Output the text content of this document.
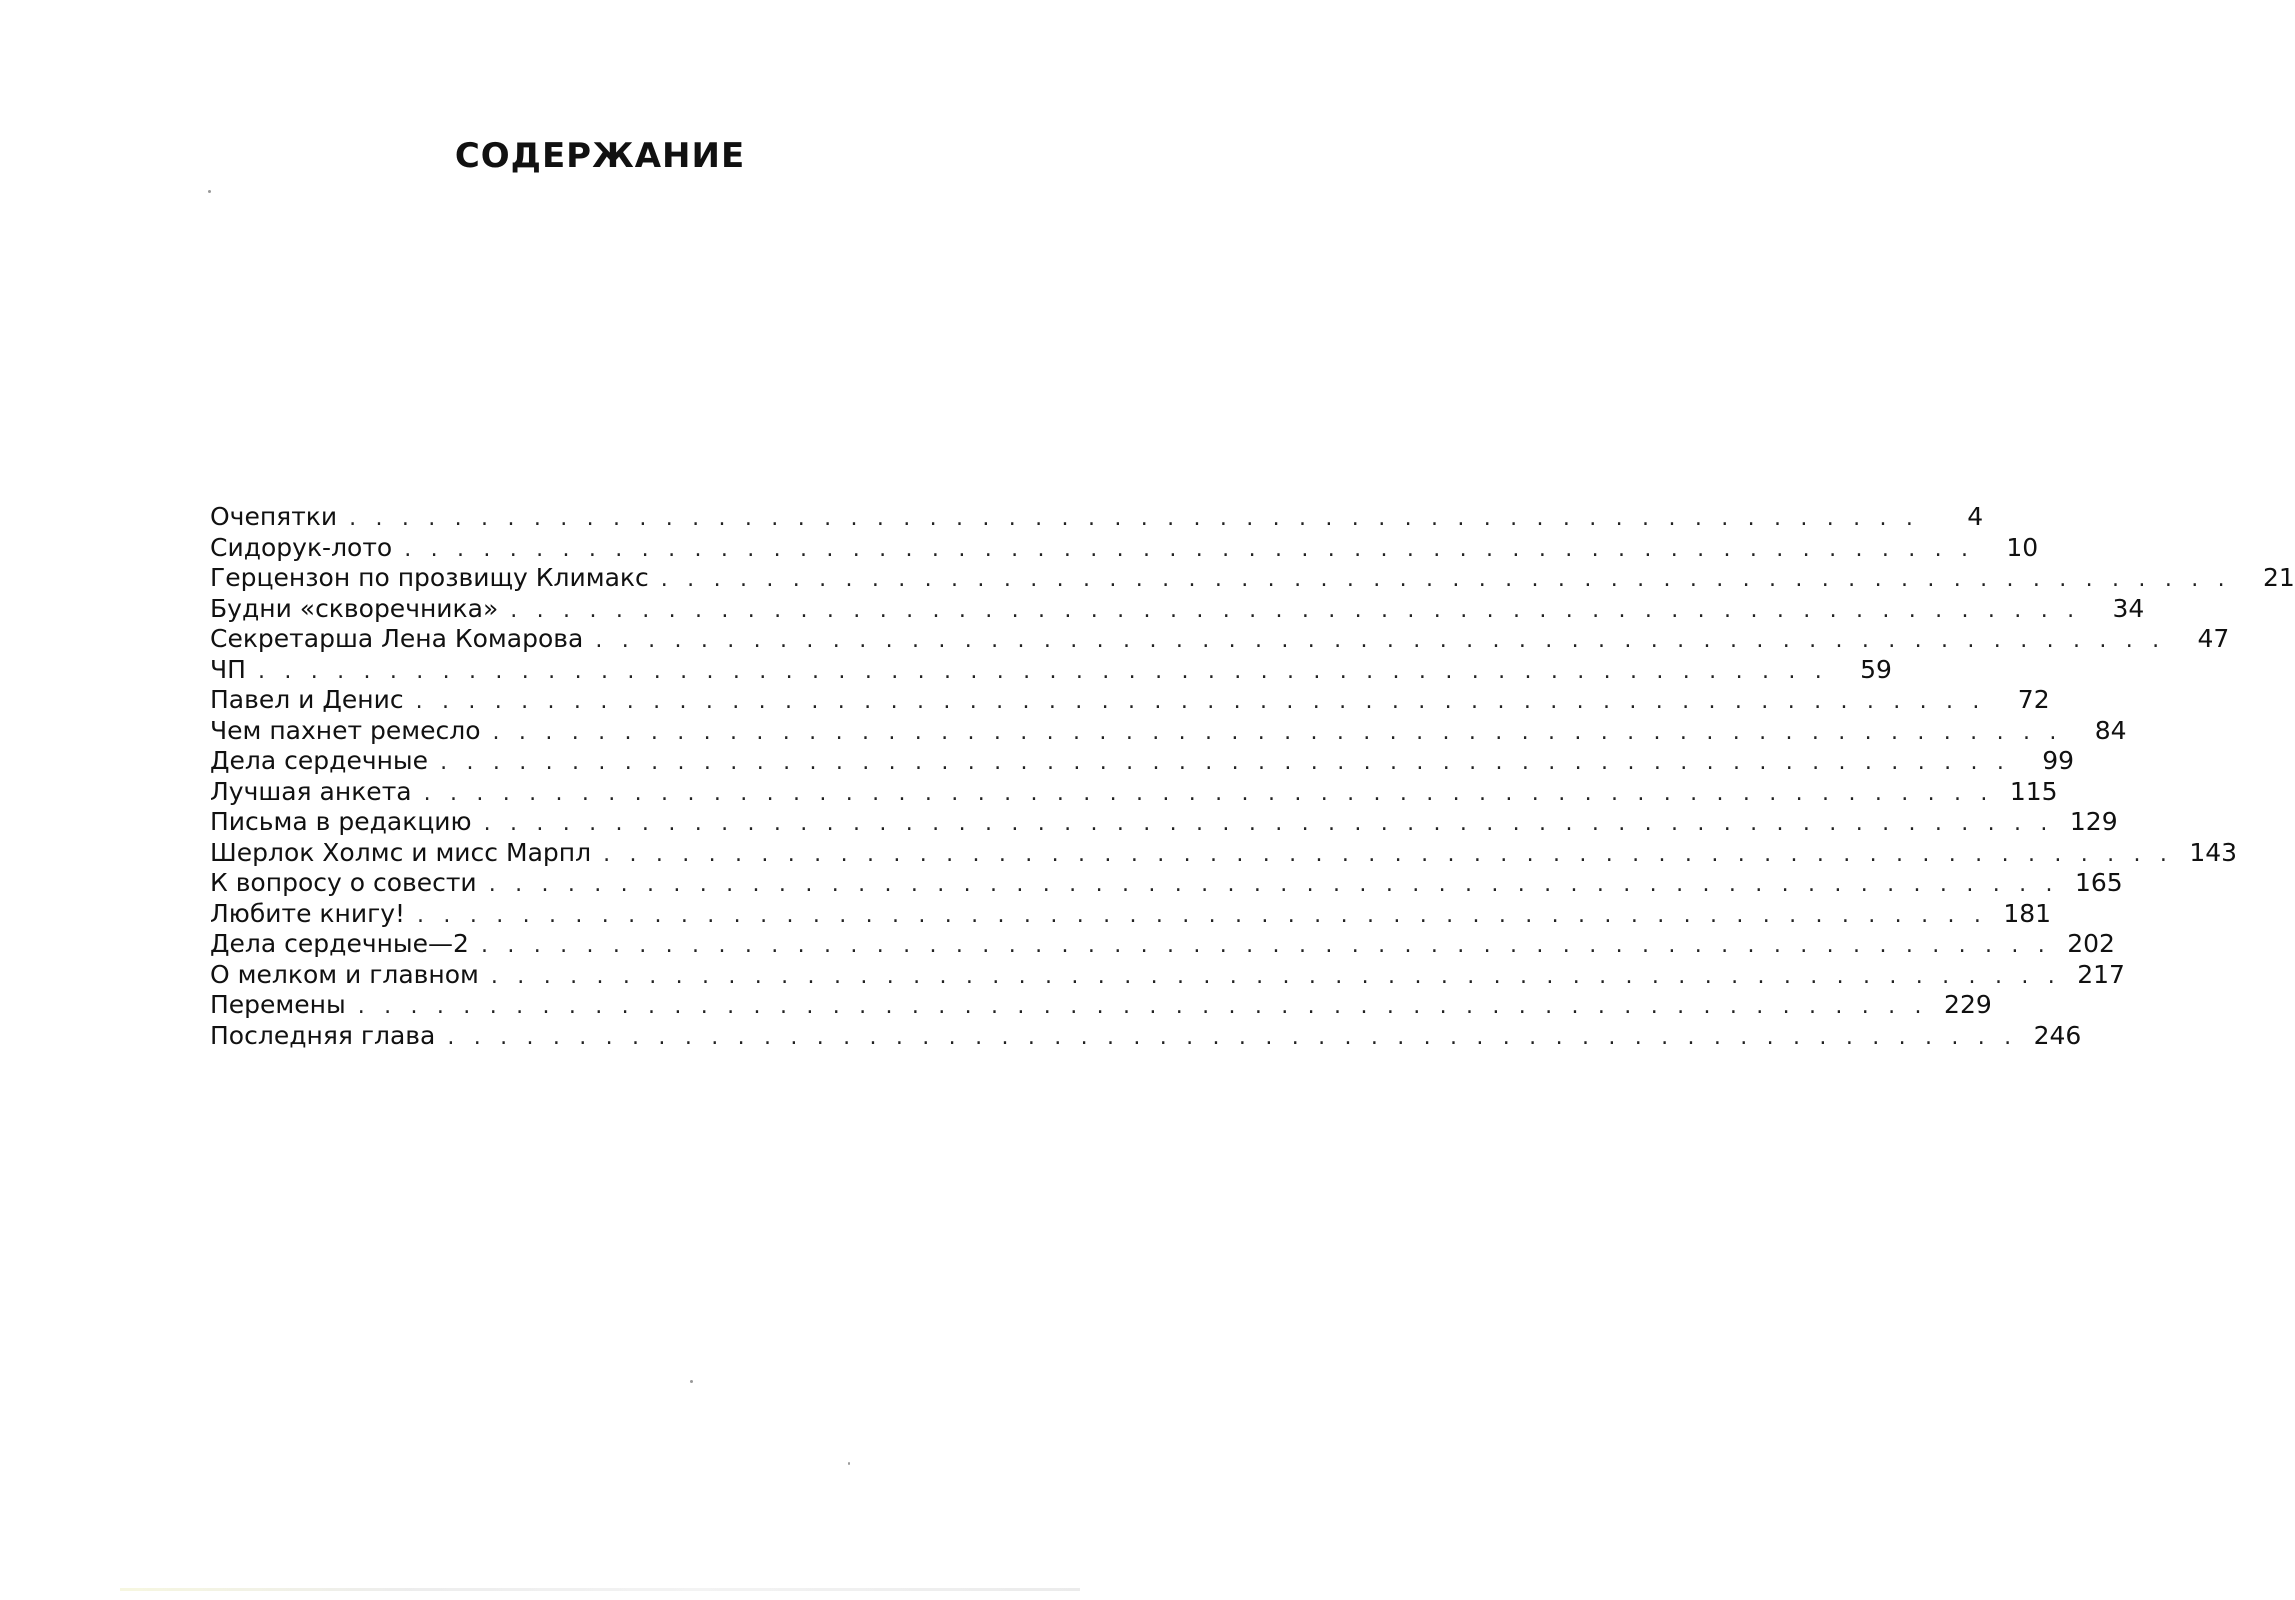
СОДЕРЖАНИЕ
Очепятки . . . . . . . . . . . . . . . . . . . . . . . . . . . . . . . . . . . . . . . . . . . . . . . . . . . . . . . . . . . .	4
Сидорук-лото . . . . . . . . . . . . . . . . . . . . . . . . . . . . . . . . . . . . . . . . . . . . . . . . . . . . . . . . . . . .	10
Герцензон по прозвищу Климакс . . . . . . . . . . . . . . . . . . . . . . . . . . . . . . . . . . . . . . . . . . . . . . . . . . . . . . . . . . . .	21
Будни «скворечника» . . . . . . . . . . . . . . . . . . . . . . . . . . . . . . . . . . . . . . . . . . . . . . . . . . . . . . . . . . . .	34
Секретарша Лена Комарова . . . . . . . . . . . . . . . . . . . . . . . . . . . . . . . . . . . . . . . . . . . . . . . . . . . . . . . . . . . .	47
ЧП . . . . . . . . . . . . . . . . . . . . . . . . . . . . . . . . . . . . . . . . . . . . . . . . . . . . . . . . . . . .	59
Павел и Денис . . . . . . . . . . . . . . . . . . . . . . . . . . . . . . . . . . . . . . . . . . . . . . . . . . . . . . . . . . . .	72
Чем пахнет ремесло . . . . . . . . . . . . . . . . . . . . . . . . . . . . . . . . . . . . . . . . . . . . . . . . . . . . . . . . . . . .	84
Дела сердечные . . . . . . . . . . . . . . . . . . . . . . . . . . . . . . . . . . . . . . . . . . . . . . . . . . . . . . . . . . . .	99
Лучшая анкета . . . . . . . . . . . . . . . . . . . . . . . . . . . . . . . . . . . . . . . . . . . . . . . . . . . . . . . . . . . . 115
Письма в редакцию . . . . . . . . . . . . . . . . . . . . . . . . . . . . . . . . . . . . . . . . . . . . . . . . . . . . . . . . . . . . 129
Шерлок Холмс и мисс Марпл . . . . . . . . . . . . . . . . . . . . . . . . . . . . . . . . . . . . . . . . . . . . . . . . . . . . . . . . . . . . 143
К вопросу о совести . . . . . . . . . . . . . . . . . . . . . . . . . . . . . . . . . . . . . . . . . . . . . . . . . . . . . . . . . . . . 165
Любите книгу! . . . . . . . . . . . . . . . . . . . . . . . . . . . . . . . . . . . . . . . . . . . . . . . . . . . . . . . . . . . . 181
Дела сердечные—2 . . . . . . . . . . . . . . . . . . . . . . . . . . . . . . . . . . . . . . . . . . . . . . . . . . . . . . . . . . . . 202
О мелком и главном . . . . . . . . . . . . . . . . . . . . . . . . . . . . . . . . . . . . . . . . . . . . . . . . . . . . . . . . . . . . 217
Перемены . . . . . . . . . . . . . . . . . . . . . . . . . . . . . . . . . . . . . . . . . . . . . . . . . . . . . . . . . . . . 229
Последняя глава . . . . . . . . . . . . . . . . . . . . . . . . . . . . . . . . . . . . . . . . . . . . . . . . . . . . . . . . . . . . 246
